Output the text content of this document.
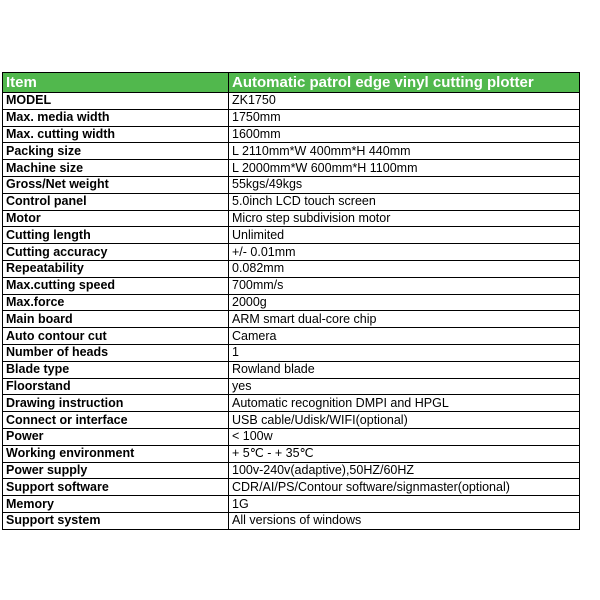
Item	Automatic patrol edge vinyl cutting plotter
MODEL	ZK1750
Max. media width	1750mm
Max. cutting width	1600mm
Packing size	L 2110mm*W 400mm*H 440mm
Machine size	L 2000mm*W 600mm*H 1100mm
Gross/Net weight	55kgs/49kgs
Control panel	5.0inch LCD touch screen
Motor	Micro step subdivision motor
Cutting length	Unlimited
Cutting accuracy	+/- 0.01mm
Repeatability	0.082mm
Max.cutting speed	700mm/s
Max.force	2000g
Main board	ARM smart dual-core chip
Auto contour cut	Camera
Number of heads	1
Blade type	Rowland blade
Floorstand	yes
Drawing instruction	Automatic recognition DMPI and HPGL
Connect or interface	USB cable/Udisk/WIFI(optional)
Power	< 100w
Working environment	+ 5℃ - + 35℃
Power supply	100v-240v(adaptive),50HZ/60HZ
Support software	CDR/AI/PS/Contour software/signmaster(optional)
Memory	1G
Support system	All versions of windows
